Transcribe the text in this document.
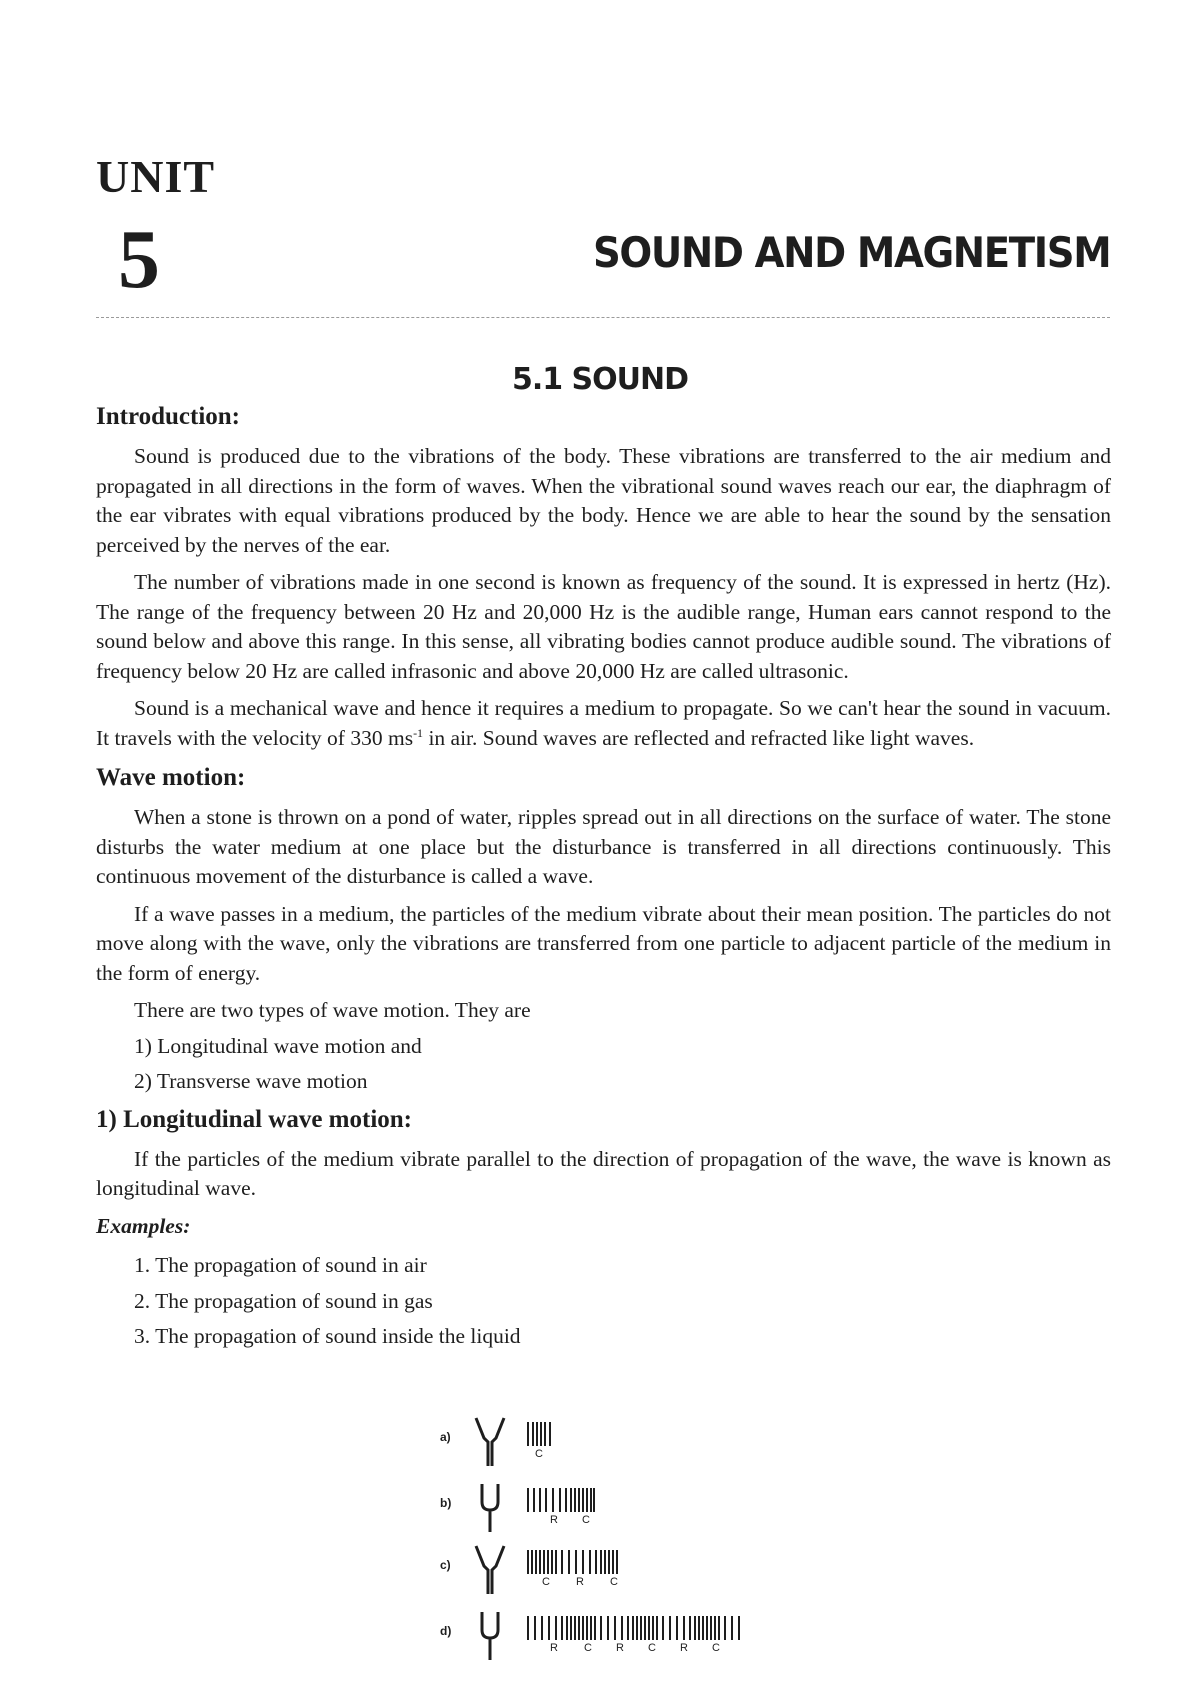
UNIT
5	SOUND AND MAGNETISM
5.1 SOUND
Introduction:

Sound is produced due to the vibrations of the body. These vibrations are transferred to the air medium and propagated in all directions in the form of waves. When the vibrational sound waves reach our ear, the diaphragm of the ear vibrates with equal vibrations produced by the body. Hence we are able to hear the sound by the sensation perceived by the nerves of the ear.

The number of vibrations made in one second is known as frequency of the sound. It is expressed in hertz (Hz). The range of the frequency between 20 Hz and 20,000 Hz is the audible range, Human ears cannot respond to the sound below and above this range. In this sense, all vibrating bodies cannot produce audible sound. The vibrations of frequency below 20 Hz are called infrasonic and above 20,000 Hz are called ultrasonic.

Sound is a mechanical wave and hence it requires a medium to propagate. So we can't hear the sound in vacuum. It travels with the velocity of 330 $ms^{-1}$ in air. Sound waves are reflected and refracted like light waves.

Wave motion:

When a stone is thrown on a pond of water, ripples spread out in all directions on the surface of water. The stone disturbs the water medium at one place but the disturbance is transferred in all directions continuously. This continuous movement of the disturbance is called a wave.

If a wave passes in a medium, the particles of the medium vibrate about their mean position. The particles do not move along with the wave, only the vibrations are transferred from one particle to adjacent particle of the medium in the form of energy.

There are two types of wave motion. They are
1) Longitudinal wave motion and
2) Transverse wave motion
1) Longitudinal wave motion:

If the particles of the medium vibrate parallel to the direction of propagation of the wave, the wave is known as longitudinal wave.

Examples:
1. The propagation of sound in air
2. The propagation of sound in gas
3. The propagation of sound inside the liquid
a)
C
b)
R C
c)
C R C
d)
R C R C R C
